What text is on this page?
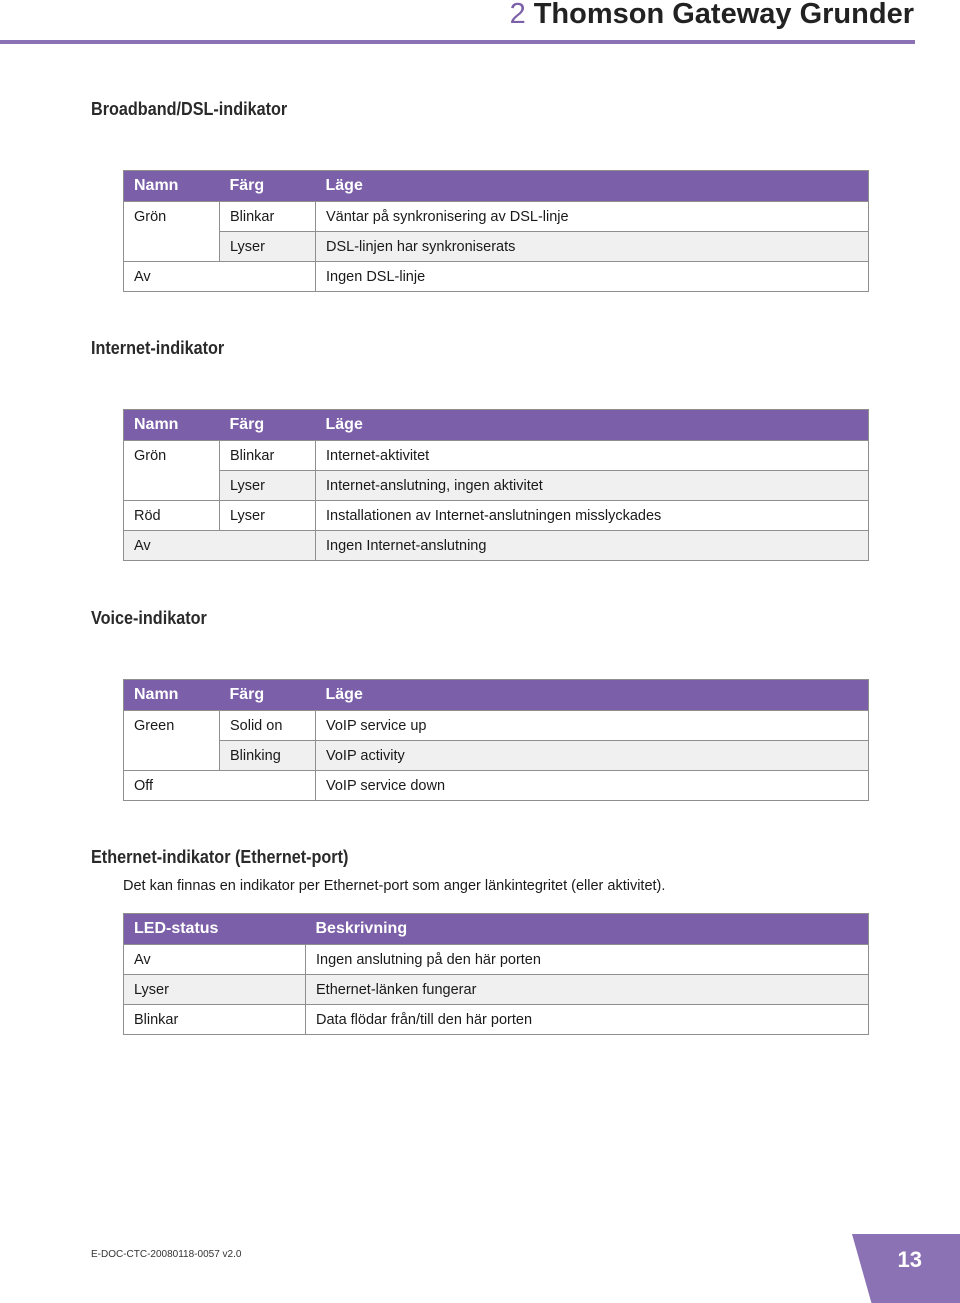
2 Thomson Gateway Grunder
Broadband/DSL-indikator
Namn	Färg	Läge
Grön	Blinkar	Väntar på synkronisering av DSL-linje
	Lyser	DSL-linjen har synkroniserats
Av		Ingen DSL-linje
Internet-indikator
Namn	Färg	Läge
Grön	Blinkar	Internet-aktivitet
	Lyser	Internet-anslutning, ingen aktivitet
Röd	Lyser	Installationen av Internet-anslutningen misslyckades
Av		Ingen Internet-anslutning
Voice-indikator
Namn	Färg	Läge
Green	Solid on	VoIP service up
	Blinking	VoIP activity
Off		VoIP service down
Ethernet-indikator (Ethernet-port)
Det kan finnas en indikator per Ethernet-port som anger länkintegritet (eller aktivitet).
LED-status	Beskrivning
Av	Ingen anslutning på den här porten
Lyser	Ethernet-länken fungerar
Blinkar	Data flödar från/till den här porten
E-DOC-CTC-20080118-0057 v2.0	13
